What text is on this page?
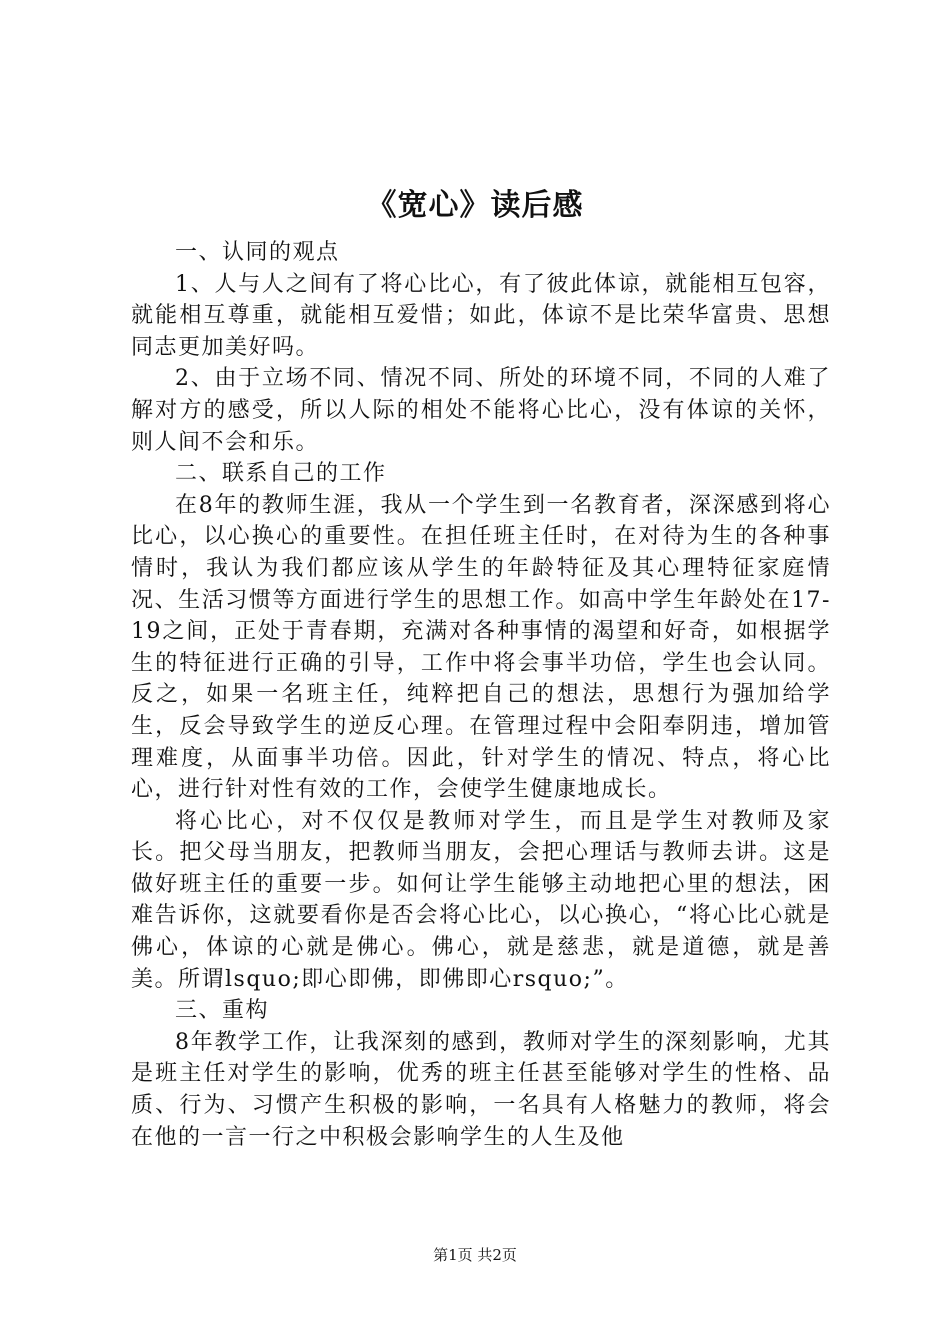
《宽心》读后感

一、认同的观点

1、人与人之间有了将心比心，有了彼此体谅，就能相互包容，就能相互尊重，就能相互爱惜；如此，体谅不是比荣华富贵、思想同志更加美好吗。

2、由于立场不同、情况不同、所处的环境不同，不同的人难了解对方的感受，所以人际的相处不能将心比心，没有体谅的关怀，则人间不会和乐。

二、联系自己的工作

在8年的教师生涯，我从一个学生到一名教育者，深深感到将心比心，以心换心的重要性。在担任班主任时，在对待为生的各种事情时，我认为我们都应该从学生的年龄特征及其心理特征家庭情况、生活习惯等方面进行学生的思想工作。如高中学生年龄处在17-19之间，正处于青春期，充满对各种事情的渴望和好奇，如根据学生的特征进行正确的引导，工作中将会事半功倍，学生也会认同。反之，如果一名班主任，纯粹把自己的想法，思想行为强加给学生，反会导致学生的逆反心理。在管理过程中会阳奉阴违，增加管理难度，从面事半功倍。因此，针对学生的情况、特点，将心比心，进行针对性有效的工作，会使学生健康地成长。

将心比心，对不仅仅是教师对学生，而且是学生对教师及家长。把父母当朋友，把教师当朋友，会把心理话与教师去讲。这是做好班主任的重要一步。如何让学生能够主动地把心里的想法，困难告诉你，这就要看你是否会将心比心，以心换心，“将心比心就是佛心，体谅的心就是佛心。佛心，就是慈悲，就是道德，就是善美。所谓lsquo;即心即佛，即佛即心rsquo;”。

三、重构

8年教学工作，让我深刻的感到，教师对学生的深刻影响，尤其是班主任对学生的影响，优秀的班主任甚至能够对学生的性格、品质、行为、习惯产生积极的影响，一名具有人格魅力的教师，将会在他的一言一行之中积极会影响学生的人生及他

第1页 共2页
